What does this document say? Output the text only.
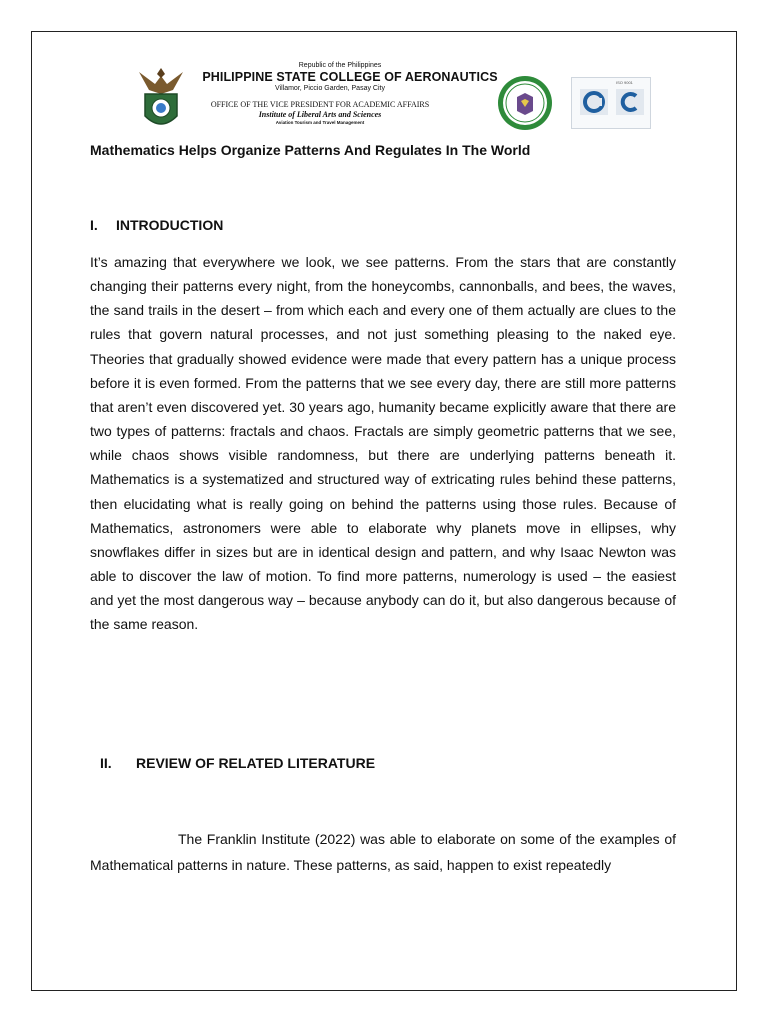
Republic of the Philippines
PHILIPPINE STATE COLLEGE OF AERONAUTICS
Villamor, Piccio Garden, Pasay City
OFFICE OF THE VICE PRESIDENT FOR ACADEMIC AFFAIRS
Institute of Liberal Arts and Sciences
Aviation Tourism and Travel Management
ISO 9001
Mathematics Helps Organize Patterns And Regulates In The World
I. INTRODUCTION
It’s amazing that everywhere we look, we see patterns. From the stars that are constantly changing their patterns every night, from the honeycombs, cannonballs, and bees, the waves, the sand trails in the desert – from which each and every one of them actually are clues to the rules that govern natural processes, and not just something pleasing to the naked eye. Theories that gradually showed evidence were made that every pattern has a unique process before it is even formed. From the patterns that we see every day, there are still more patterns that aren’t even discovered yet. 30 years ago, humanity became explicitly aware that there are two types of patterns: fractals and chaos. Fractals are simply geometric patterns that we see, while chaos shows visible randomness, but there are underlying patterns beneath it. Mathematics is a systematized and structured way of extricating rules behind these patterns, then elucidating what is really going on behind the patterns using those rules. Because of Mathematics, astronomers were able to elaborate why planets move in ellipses, why snowflakes differ in sizes but are in identical design and pattern, and why Isaac Newton was able to discover the law of motion. To find more patterns, numerology is used – the easiest and yet the most dangerous way – because anybody can do it, but also dangerous because of the same reason.
II. REVIEW OF RELATED LITERATURE
The Franklin Institute (2022) was able to elaborate on some of the examples of Mathematical patterns in nature. These patterns, as said, happen to exist repeatedly
